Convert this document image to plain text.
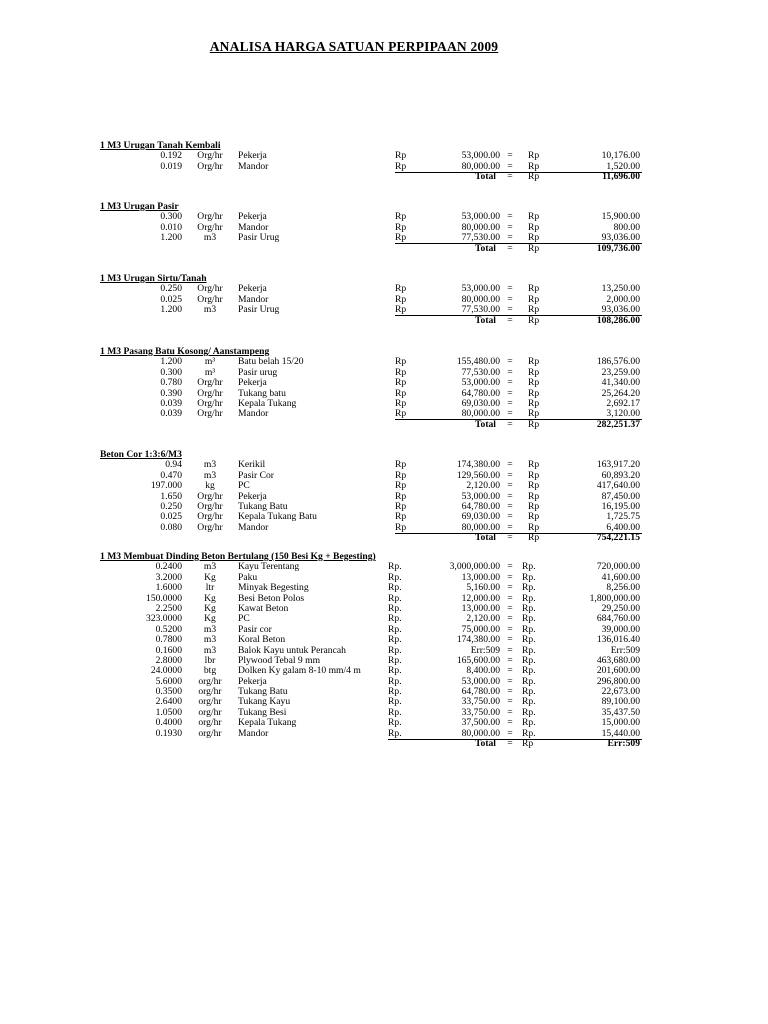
ANALISA HARGA SATUAN PERPIPAAN 2009
1 M3 Urugan Tanah Kembali
0.192	Org/hr	Pekerja	Rp	53,000.00 =	Rp	10,176.00
0.019	Org/hr	Mandor	Rp	80,000.00 =	Rp	1,520.00
Total	=	Rp	11,696.00
1 M3 Urugan Pasir
0.300	Org/hr	Pekerja	Rp	53,000.00 =	Rp	15,900.00
0.010	Org/hr	Mandor	Rp	80,000.00 =	Rp	800.00
1.200	m3	Pasir Urug	Rp	77,530.00 =	Rp	93,036.00
Total	=	Rp	109,736.00
1 M3 Urugan Sirtu/Tanah
0.250	Org/hr	Pekerja	Rp	53,000.00 =	Rp	13,250.00
0.025	Org/hr	Mandor	Rp	80,000.00 =	Rp	2,000.00
1.200	m3	Pasir Urug	Rp	77,530.00 =	Rp	93,036.00
Total	=	Rp	108,286.00
1 M3 Pasang Batu Kosong/ Aanstampeng
1.200	m³	Batu belah 15/20	Rp	155,480.00 =	Rp	186,576.00
0.300	m³	Pasir urug	Rp	77,530.00 =	Rp	23,259.00
0.780	Org/hr	Pekerja	Rp	53,000.00 =	Rp	41,340.00
0.390	Org/hr	Tukang batu	Rp	64,780.00 =	Rp	25,264.20
0.039	Org/hr	Kepala Tukang	Rp	69,030.00 =	Rp	2,692.17
0.039	Org/hr	Mandor	Rp	80,000.00 =	Rp	3,120.00
Total	=	Rp	282,251.37
Beton Cor 1:3:6/M3
0.94	m3	Kerikil	Rp	174,380.00 =	Rp	163,917.20
0.470	m3	Pasir Cor	Rp	129,560.00 =	Rp	60,893.20
197.000	kg	PC	Rp	2,120.00 =	Rp	417,640.00
1.650	Org/hr	Pekerja	Rp	53,000.00 =	Rp	87,450.00
0.250	Org/hr	Tukang Batu	Rp	64,780.00 =	Rp	16,195.00
0.025	Org/hr	Kepala Tukang Batu	Rp	69,030.00 =	Rp	1,725.75
0.080	Org/hr	Mandor	Rp	80,000.00 =	Rp	6,400.00
Total	=	Rp	754,221.15
1 M3 Membuat Dinding Beton Bertulang (150 Besi Kg + Begesting)
0.2400	m3	Kayu Terentang	Rp.	3,000,000.00 = Rp.	720,000.00
3.2000	Kg	Paku	Rp.	13,000.00 = Rp.	41,600.00
1.6000	ltr	Minyak Begesting	Rp.	5,160.00 = Rp.	8,256.00
150.0000	Kg	Besi Beton Polos	Rp.	12,000.00 = Rp.	1,800,000.00
2.2500	Kg	Kawat Beton	Rp.	13,000.00 = Rp.	29,250.00
323.0000	Kg	PC	Rp.	2,120.00 = Rp.	684,760.00
0.5200	m3	Pasir cor	Rp.	75,000.00 = Rp.	39,000.00
0.7800	m3	Koral Beton	Rp.	174,380.00 = Rp.	136,016.40
0.1600	m3	Balok Kayu untuk Perancah	Rp.	Err:509 = Rp.	Err:509
2.8000	lbr	Plywood Tebal 9 mm	Rp.	165,600.00 = Rp.	463,680.00
24.0000	btg	Dolken Ky galam 8-10 mm/4 m	Rp.	8,400.00 = Rp.	201,600.00
5.6000	org/hr	Pekerja	Rp.	53,000.00 = Rp.	296,800.00
0.3500	org/hr	Tukang Batu	Rp.	64,780.00 = Rp.	22,673.00
2.6400	org/hr	Tukang Kayu	Rp.	33,750.00 = Rp.	89,100.00
1.0500	org/hr	Tukang Besi	Rp.	33,750.00 = Rp.	35,437.50
0.4000	org/hr	Kepala Tukang	Rp.	37,500.00 = Rp.	15,000.00
0.1930	org/hr	Mandor	Rp.	80,000.00 = Rp.	15,440.00
Total	= Rp	Err:509
